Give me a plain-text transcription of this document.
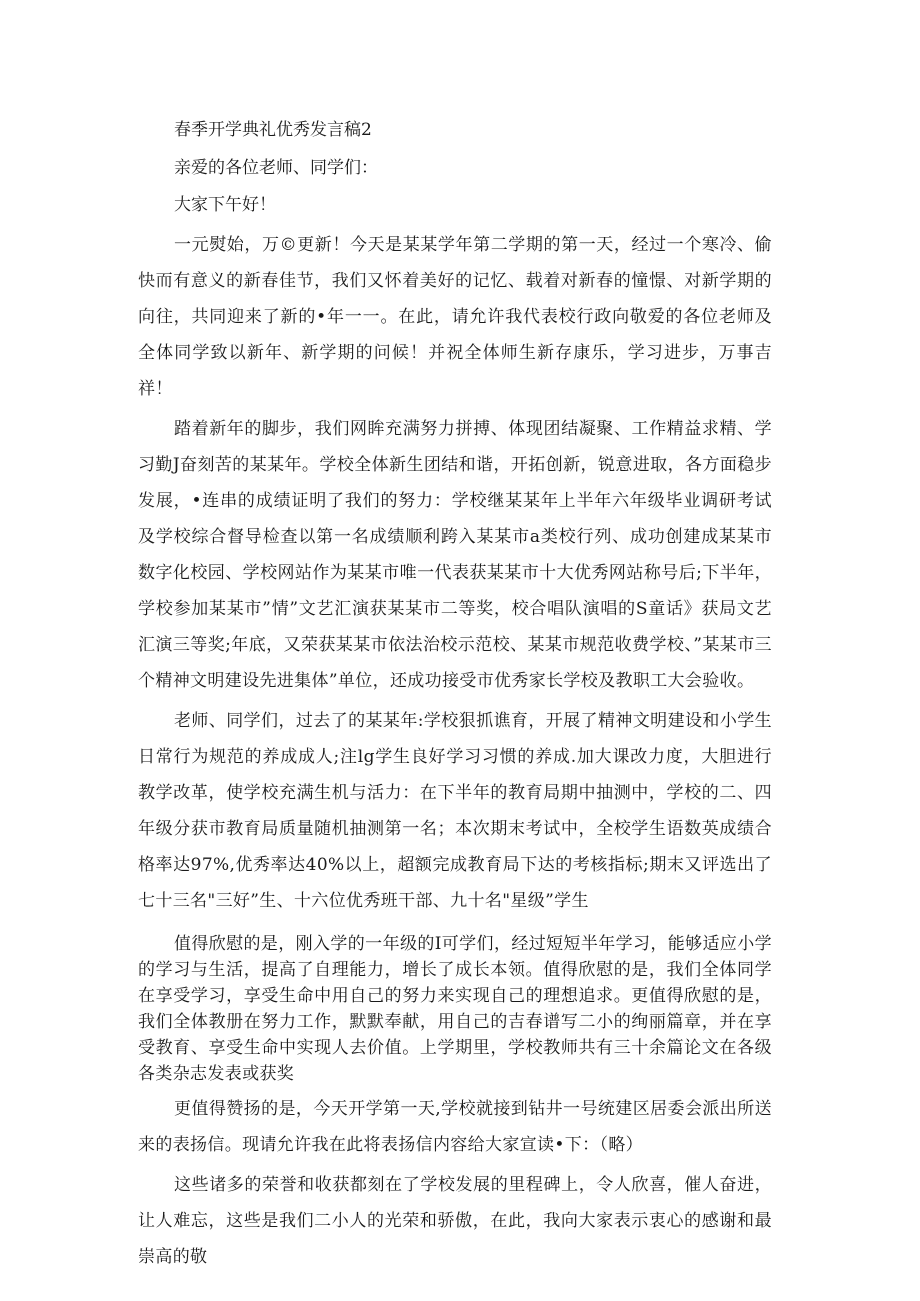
春季开学典礼优秀发言稿2

亲爱的各位老师、同学们：

大家下午好！

一元熨始，万©更新！今天是某某学年第二学期的第一天，经过一个寒冷、偷快而有意义的新春佳节，我们又怀着美好的记忆、载着对新春的憧憬、对新学期的向往，共同迎来了新的•年一一。在此，请允许我代表校行政向敬爱的各位老师及全体同学致以新年、新学期的问候！并祝全体师生新存康乐，学习进步，万事吉祥！

踏着新年的脚步，我们网眸充满努力拼搏、体现团结凝聚、工作精益求精、学习勤J奋刻苦的某某年。学校全体新生团结和谐，开拓创新，锐意进取，各方面稳步发展，•连串的成绩证明了我们的努力：学校继某某年上半年六年级毕业调研考试及学校综合督导检查以第一名成绩顺利跨入某某市a类校行列、成功创建成某某市数字化校园、学校网站作为某某市唯一代表获某某市十大优秀网站称号后;下半年，学校参加某某市”情”文艺汇演获某某市二等奖，校合唱队演唱的S童话》获局文艺汇演三等奖;年底，又荣获某某市依法治校示范校、某某市规范收费学校、”某某市三个精神文明建设先进集体”单位，还成功接受市优秀家长学校及教职工大会验收。

老师、同学们，过去了的某某年:学校狠抓谯育，开展了精神文明建设和小学生日常行为规范的养成成人;注lg学生良好学习习惯的养成.加大课改力度，大胆进行教学改革，使学校充满生机与活力：在下半年的教育局期中抽测中，学校的二、四年级分获市教育局质量随机抽测第一名；本次期末考试中，全校学生语数英成绩合格率达97%,优秀率达40%以上，超额完成教育局下达的考核指标;期末又评选出了七十三名"三好”生、十六位优秀班干部、九十名"星级”学生

值得欣慰的是，刚入学的一年级的I可学们，经过短短半年学习，能够适应小学的学习与生活，提高了自理能力，增长了成长本领。值得欣慰的是，我们全体同学在享受学习，享受生命中用自己的努力来实现自己的理想追求。更值得欣慰的是，我们全体教册在努力工作，默默奉献，用自己的吉春谱写二小的绚丽篇章，并在享受教育、享受生命中实现人去价值。上学期里，学校教师共有三十余篇论文在各级各类杂志发表或获奖

更值得赞扬的是，今天开学第一天,学校就接到钻井一号统建区居委会派出所送来的表扬信。现请允许我在此将表扬信内容给大家宣读•下：（略）

这些诸多的荣誉和收获都刻在了学校发展的里程碑上，令人欣喜，催人奋进，让人难忘，这些是我们二小人的光荣和骄傲，在此，我向大家表示衷心的感谢和最崇高的敬
